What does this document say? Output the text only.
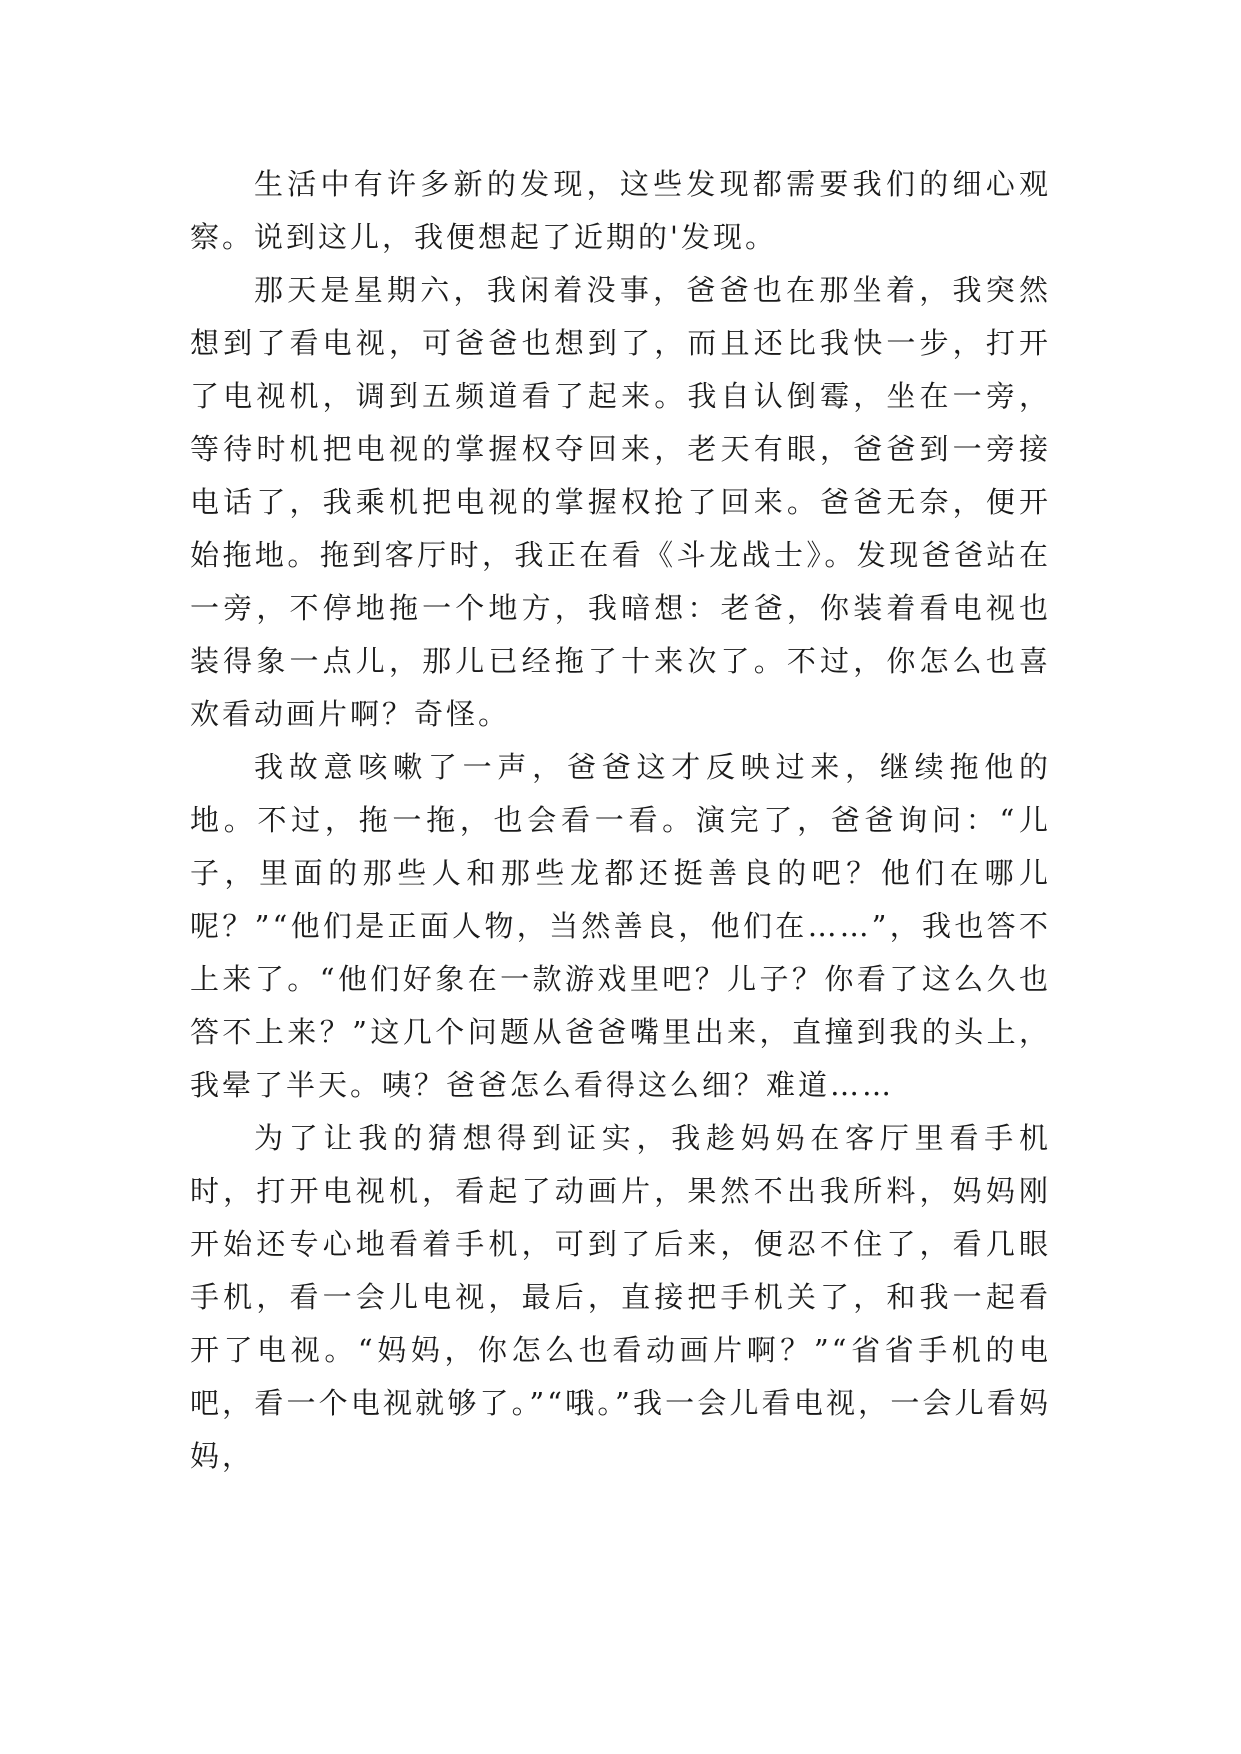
生活中有许多新的发现，这些发现都需要我们的细心观察。说到这儿，我便想起了近期的'发现。

那天是星期六，我闲着没事，爸爸也在那坐着，我突然想到了看电视，可爸爸也想到了，而且还比我快一步，打开了电视机，调到五频道看了起来。我自认倒霉，坐在一旁，等待时机把电视的掌握权夺回来，老天有眼，爸爸到一旁接电话了，我乘机把电视的掌握权抢了回来。爸爸无奈，便开始拖地。拖到客厅时，我正在看《斗龙战士》。发现爸爸站在一旁，不停地拖一个地方，我暗想：老爸，你装着看电视也装得象一点儿，那儿已经拖了十来次了。不过，你怎么也喜欢看动画片啊？奇怪。

我故意咳嗽了一声，爸爸这才反映过来，继续拖他的地。不过，拖一拖，也会看一看。演完了，爸爸询问：“儿子，里面的那些人和那些龙都还挺善良的吧？他们在哪儿呢？”“他们是正面人物，当然善良，他们在……”，我也答不上来了。“他们好象在一款游戏里吧？儿子？你看了这么久也答不上来？”这几个问题从爸爸嘴里出来，直撞到我的头上，我晕了半天。咦？爸爸怎么看得这么细？难道……

为了让我的猜想得到证实，我趁妈妈在客厅里看手机时，打开电视机，看起了动画片，果然不出我所料，妈妈刚开始还专心地看着手机，可到了后来，便忍不住了，看几眼手机，看一会儿电视，最后，直接把手机关了，和我一起看开了电视。“妈妈，你怎么也看动画片啊？”“省省手机的电吧，看一个电视就够了。”“哦。”我一会儿看电视，一会儿看妈妈，
